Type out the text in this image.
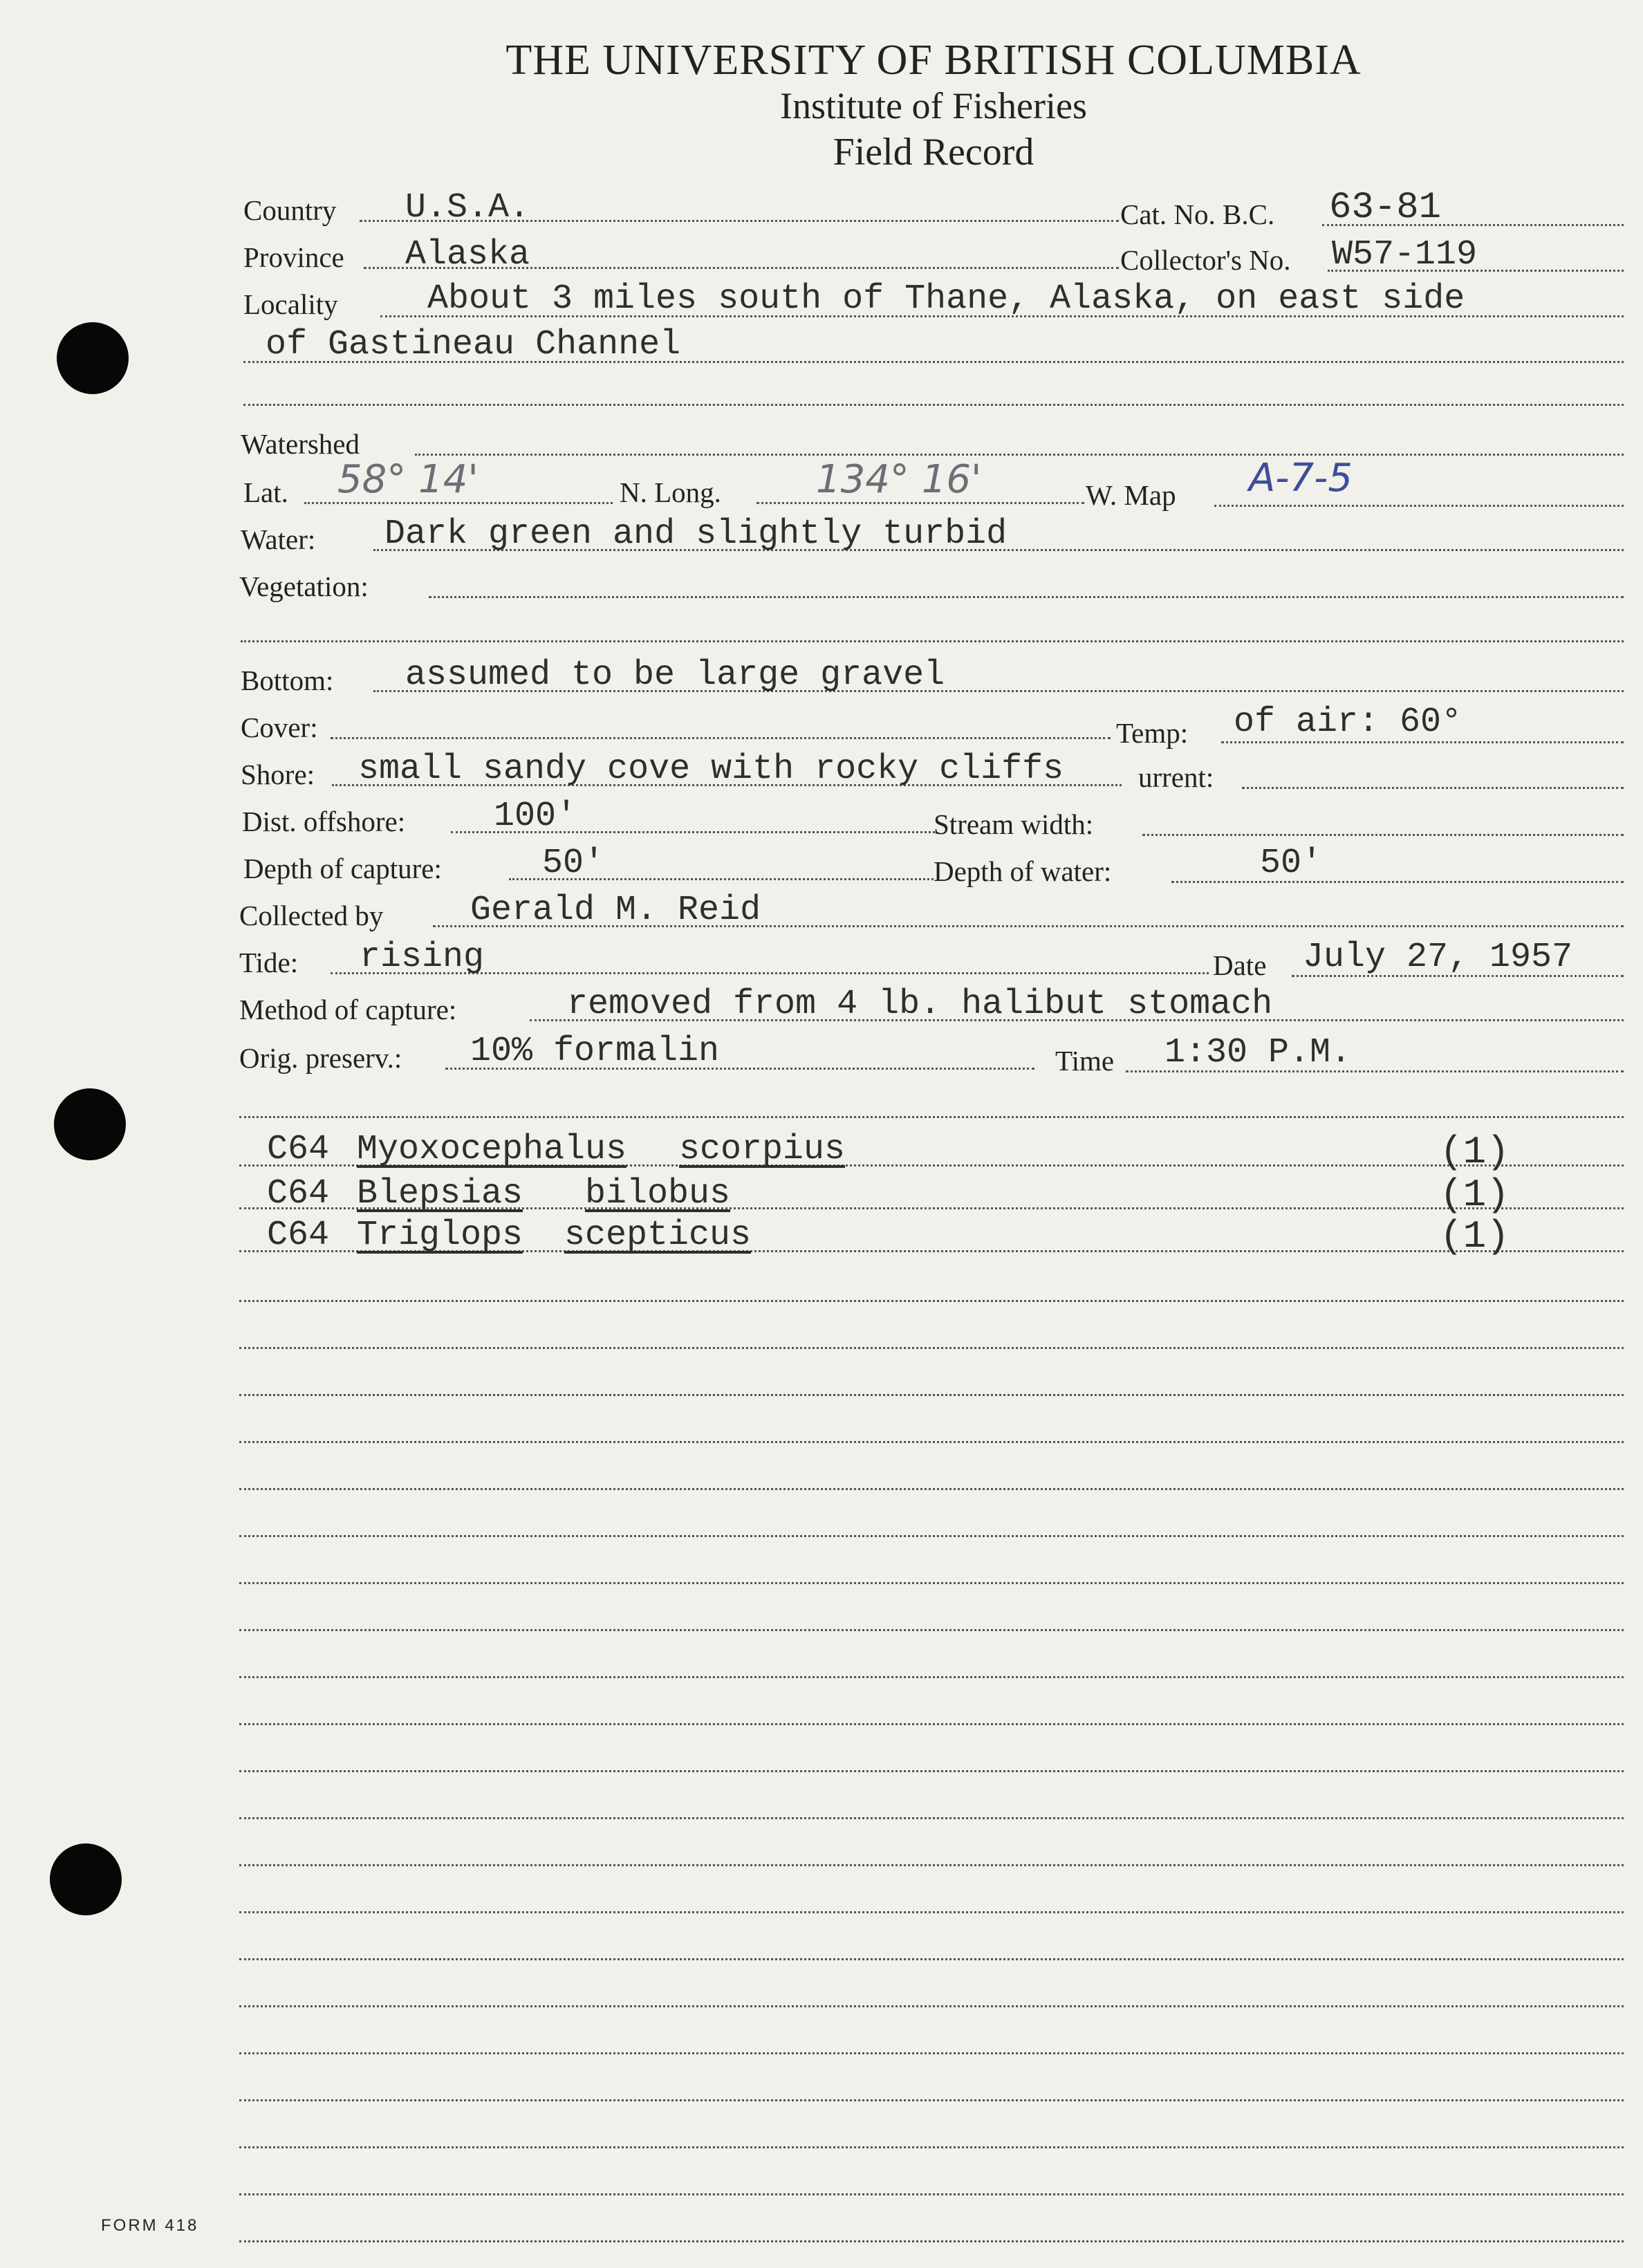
THE UNIVERSITY OF BRITISH COLUMBIA
Institute of Fisheries
Field Record
Country U.S.A.	Cat. No. B.C. 63-81
Province Alaska	Collector's No. W57-119
Locality	About 3 miles south of Thane, Alaska, on east side
of Gastineau Channel
Watershed
Lat. 58° 14'	N. Long. 134° 16'	W. Map A-7-5
Water: Dark green and slightly turbid
Vegetation:
Bottom: assumed to be large gravel
Cover:	Temp: of air: 60°
Shore: small sandy cove with rocky cliffs	urrent:
Dist. offshore:	100'	Stream width:
Depth of capture:	50'	Depth of water:	50'
Collected by	Gerald M. Reid
Tide: rising	Date July 27, 1957
Method of capture:	removed from 4 lb. halibut stomach
Orig. preserv.: 10% formalin	Time 1:30 P.M.
C64 Myoxocephalus scorpius	(1)
C64 Blepsias bilobus	(1)
C64 Triglops scepticus	(1)
FORM 418
